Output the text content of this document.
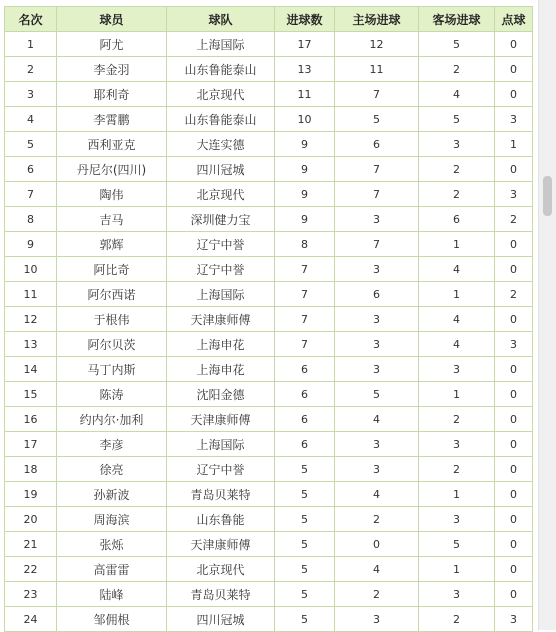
名次	球员	球队	进球数	主场进球	客场进球	点球
1	阿尤	上海国际	17	12	5	0
2	李金羽	山东鲁能泰山	13	11	2	0
3	耶利奇	北京现代	11	7	4	0
4	李霄鹏	山东鲁能泰山	10	5	5	3
5	西利亚克	大连实德	9	6	3	1
6	丹尼尔(四川)	四川冠城	9	7	2	0
7	陶伟	北京现代	9	7	2	3
8	吉马	深圳健力宝	9	3	6	2
9	郭辉	辽宁中誉	8	7	1	0
10	阿比奇	辽宁中誉	7	3	4	0
11	阿尔西诺	上海国际	7	6	1	2
12	于根伟	天津康师傅	7	3	4	0
13	阿尔贝茨	上海申花	7	3	4	3
14	马丁内斯	上海申花	6	3	3	0
15	陈涛	沈阳金德	6	5	1	0
16	约内尔·加利	天津康师傅	6	4	2	0
17	李彦	上海国际	6	3	3	0
18	徐亮	辽宁中誉	5	3	2	0
19	孙新波	青岛贝莱特	5	4	1	0
20	周海滨	山东鲁能	5	2	3	0
21	张烁	天津康师傅	5	0	5	0
22	高雷雷	北京现代	5	4	1	0
23	陆峰	青岛贝莱特	5	2	3	0
24	邹佣根	四川冠城	5	3	2	3
